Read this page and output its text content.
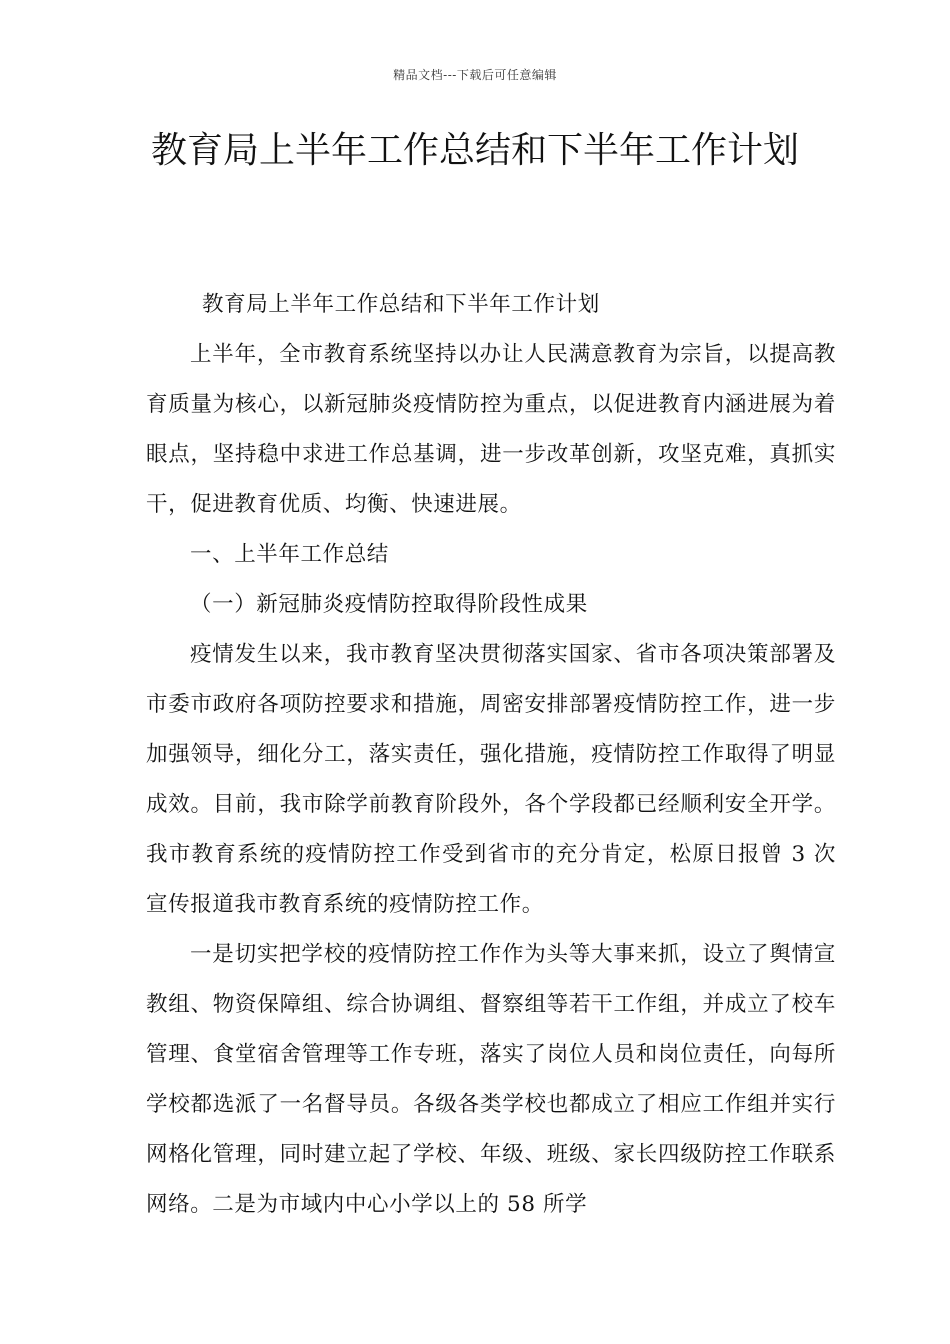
精品文档---下载后可任意编辑
教育局上半年工作总结和下半年工作计划

教育局上半年工作总结和下半年工作计划

上半年，全市教育系统坚持以办让人民满意教育为宗旨，以提高教育质量为核心，以新冠肺炎疫情防控为重点，以促进教育内涵进展为着眼点，坚持稳中求进工作总基调，进一步改革创新，攻坚克难，真抓实干，促进教育优质、均衡、快速进展。

一、上半年工作总结

（一）新冠肺炎疫情防控取得阶段性成果

疫情发生以来，我市教育坚决贯彻落实国家、省市各项决策部署及市委市政府各项防控要求和措施，周密安排部署疫情防控工作，进一步加强领导，细化分工，落实责任，强化措施，疫情防控工作取得了明显成效。目前，我市除学前教育阶段外，各个学段都已经顺利安全开学。我市教育系统的疫情防控工作受到省市的充分肯定，松原日报曾 3 次宣传报道我市教育系统的疫情防控工作。

一是切实把学校的疫情防控工作作为头等大事来抓，设立了舆情宣教组、物资保障组、综合协调组、督察组等若干工作组，并成立了校车管理、食堂宿舍管理等工作专班，落实了岗位人员和岗位责任，向每所学校都选派了一名督导员。各级各类学校也都成立了相应工作组并实行网格化管理，同时建立起了学校、年级、班级、家长四级防控工作联系网络。二是为市域内中心小学以上的 58 所学
